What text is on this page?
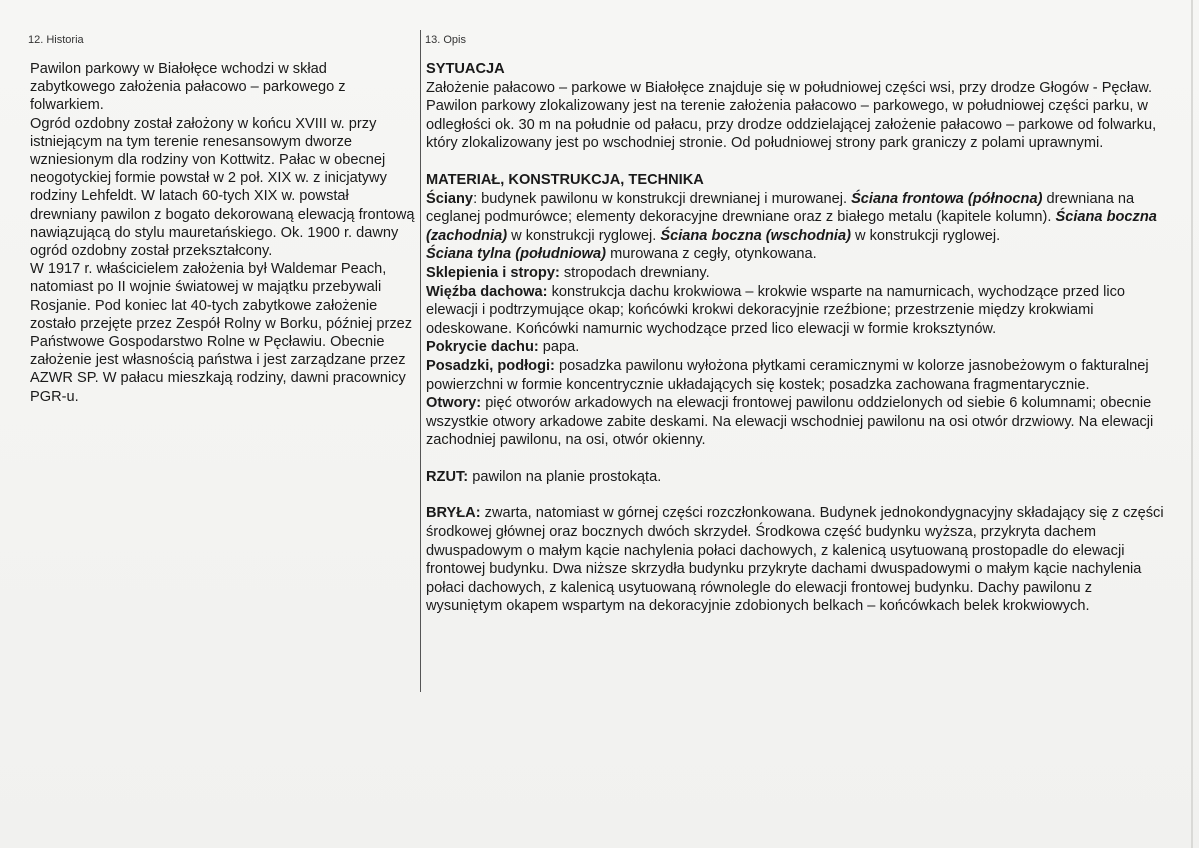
12. Historia	13. Opis

Pawilon parkowy w Białołęce wchodzi w skład zabytkowego założenia pałacowo – parkowego z folwarkiem.

Ogród ozdobny został założony w końcu XVIII w. przy istniejącym na tym terenie renesansowym dworze wzniesionym dla rodziny von Kottwitz. Pałac w obecnej neogotyckiej formie powstał w 2 poł. XIX w. z inicjatywy rodziny Lehfeldt. W latach 60-tych XIX w. powstał drewniany pawilon z bogato dekorowaną elewacją frontową nawiązującą do stylu mauretańskiego. Ok. 1900 r. dawny ogród ozdobny został przekształcony.

W 1917 r. właścicielem założenia był Waldemar Peach, natomiast po II wojnie światowej w majątku przebywali Rosjanie. Pod koniec lat 40-tych zabytkowe założenie zostało przejęte przez Zespół Rolny w Borku, później przez Państwowe Gospodarstwo Rolne w Pęcławiu. Obecnie założenie jest własnością państwa i jest zarządzane przez AZWR SP. W pałacu mieszkają rodziny, dawni pracownicy PGR-u.

SYTUACJA

Założenie pałacowo – parkowe w Białołęce znajduje się w południowej części wsi, przy drodze Głogów - Pęcław. Pawilon parkowy zlokalizowany jest na terenie założenia pałacowo – parkowego, w południowej części parku, w odległości ok. 30 m na południe od pałacu, przy drodze oddzielającej założenie pałacowo – parkowe od folwarku, który zlokalizowany jest po wschodniej stronie. Od południowej strony park graniczy z polami uprawnymi.

MATERIAŁ, KONSTRUKCJA, TECHNIKA

Ściany: budynek pawilonu w konstrukcji drewnianej i murowanej. Ściana frontowa (północna) drewniana na ceglanej podmurówce; elementy dekoracyjne drewniane oraz z białego metalu (kapitele kolumn). Ściana boczna (zachodnia) w konstrukcji ryglowej. Ściana boczna (wschodnia) w konstrukcji ryglowej.

Ściana tylna (południowa) murowana z cegły, otynkowana.

Sklepienia i stropy: stropodach drewniany.

Więźba dachowa: konstrukcja dachu krokwiowa – krokwie wsparte na namurnicach, wychodzące przed lico elewacji i podtrzymujące okap; końcówki krokwi dekoracyjnie rzeźbione; przestrzenie między krokwiami odeskowane. Końcówki namurnic wychodzące przed lico elewacji w formie kroksztynów.

Pokrycie dachu: papa.

Posadzki, podłogi: posadzka pawilonu wyłożona płytkami ceramicznymi w kolorze jasnobeżowym o fakturalnej powierzchni w formie koncentrycznie układających się kostek; posadzka zachowana fragmentarycznie.

Otwory: pięć otworów arkadowych na elewacji frontowej pawilonu oddzielonych od siebie 6 kolumnami; obecnie wszystkie otwory arkadowe zabite deskami. Na elewacji wschodniej pawilonu na osi otwór drzwiowy. Na elewacji zachodniej pawilonu, na osi, otwór okienny.

RZUT: pawilon na planie prostokąta.

BRYŁA: zwarta, natomiast w górnej części rozczłonkowana. Budynek jednokondygnacyjny składający się z części środkowej głównej oraz bocznych dwóch skrzydeł. Środkowa część budynku wyższa, przykryta dachem dwuspadowym o małym kącie nachylenia połaci dachowych, z kalenicą usytuowaną prostopadle do elewacji frontowej budynku. Dwa niższe skrzydła budynku przykryte dachami dwuspadowymi o małym kącie nachylenia połaci dachowych, z kalenicą usytuowaną równolegle do elewacji frontowej budynku. Dachy pawilonu z wysuniętym okapem wspartym na dekoracyjnie zdobionych belkach – końcówkach belek krokwiowych.
